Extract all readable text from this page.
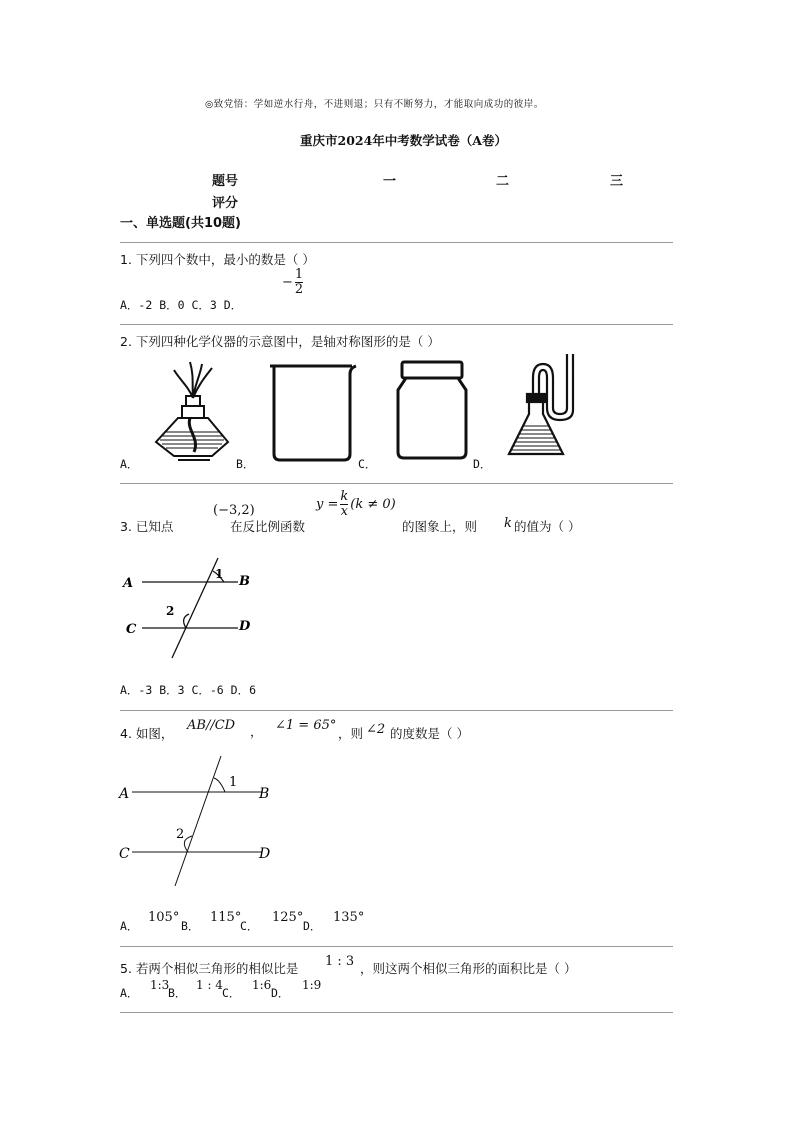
◎致党悟：学如逆水行舟，不进则退；只有不断努力，才能取向成功的彼岸。
重庆市2024年中考数学试卷（A卷）
题号	一	二	三
评分
一、单选题(共10题)
1. 下列四个数中，最小的数是（ ）
− $\frac{1}{2}$
A．-2 B．0 C．3 D．
2. 下列四种化学仪器的示意图中，是轴对称图形的是（ ）
A．	B．	C．	D．
3. 已知点
(−3,2)
在反比例函数
$y = \frac{k}{x} (k \ne 0)$
的图象上，则 k 的值为（ ）
A	B
C	D
1
2
A．-3 B．3 C．-6 D．6
4. 如图，
AB//CD ， ∠1 = 65°
，则 ∠2 的度数是（ ）
A	B
C	D
1
2
A．
105°
B．
115°
C．
125°
D．
135°
5. 若两个相似三角形的相似比是 1 : 3 ，则这两个相似三角形的面积比是（ ）
A．
1:3
B．
1 : 4
C．
1:6
D．
1:9
